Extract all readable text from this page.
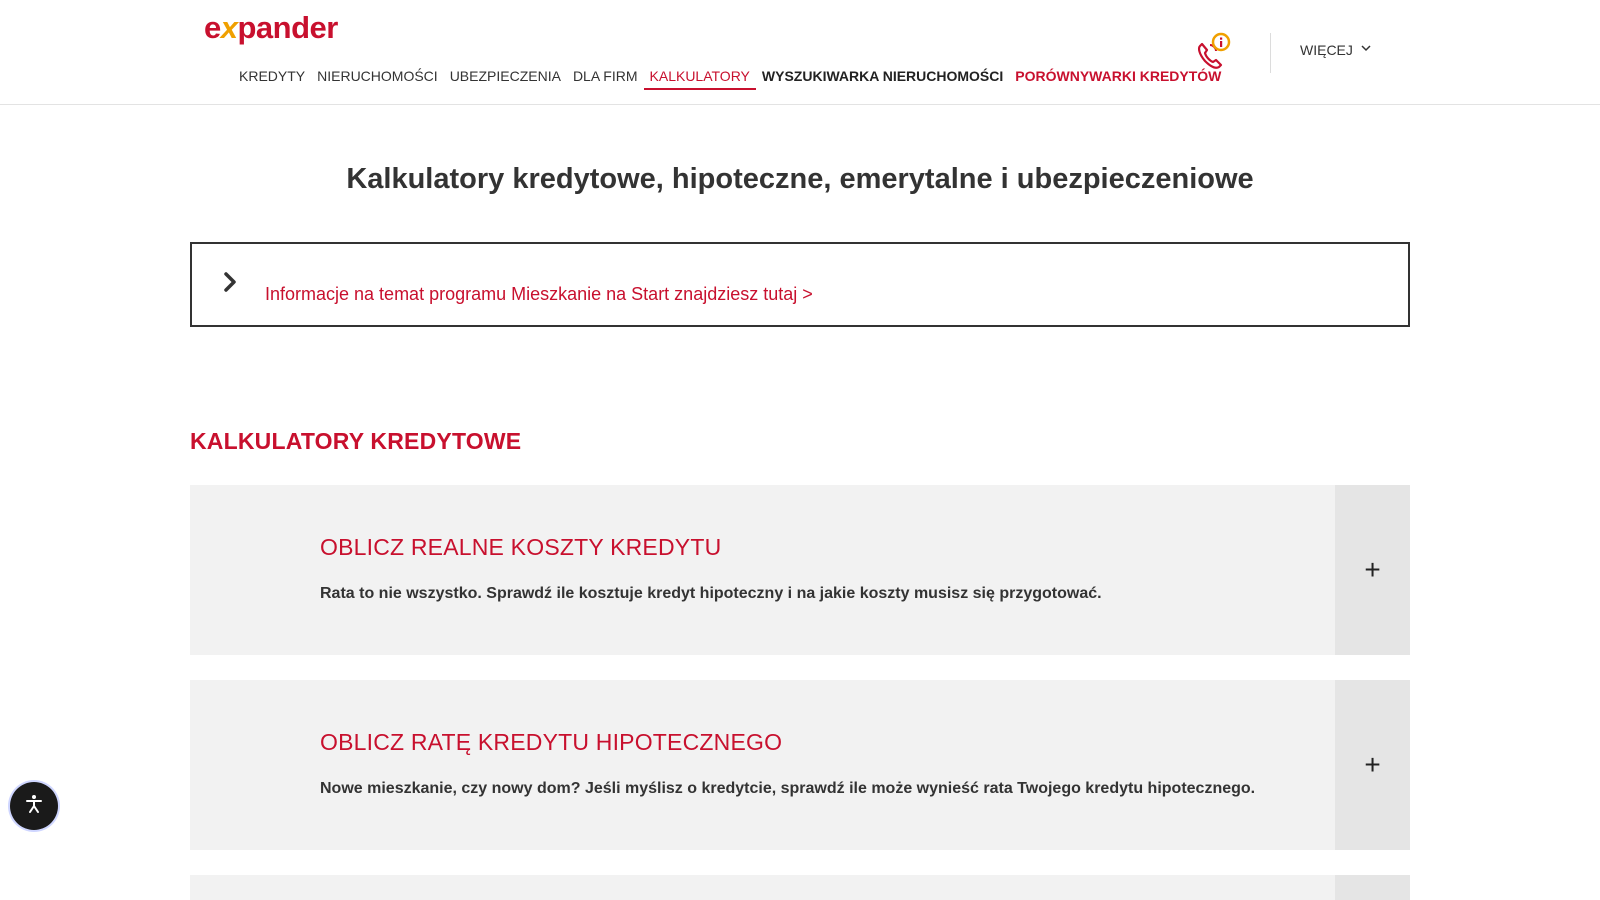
expander
KREDYTY NIERUCHOMOŚCI UBEZPIECZENIA DLA FIRM KALKULATORY WYSZUKIWARKA NIERUCHOMOŚCI PORÓWNYWARKI KREDYTÓW
WIĘCEJ
Kalkulatory kredytowe, hipoteczne, emerytalne i ubezpieczeniowe
Informacje na temat programu Mieszkanie na Start znajdziesz tutaj >
KALKULATORY KREDYTOWE
OBLICZ REALNE KOSZTY KREDYTU
Rata to nie wszystko. Sprawdź ile kosztuje kredyt hipoteczny i na jakie koszty musisz się przygotować.
+
OBLICZ RATĘ KREDYTU HIPOTECZNEGO
Nowe mieszkanie, czy nowy dom? Jeśli myślisz o kredytcie, sprawdź ile może wynieść rata Twojego kredytu hipotecznego.
+
